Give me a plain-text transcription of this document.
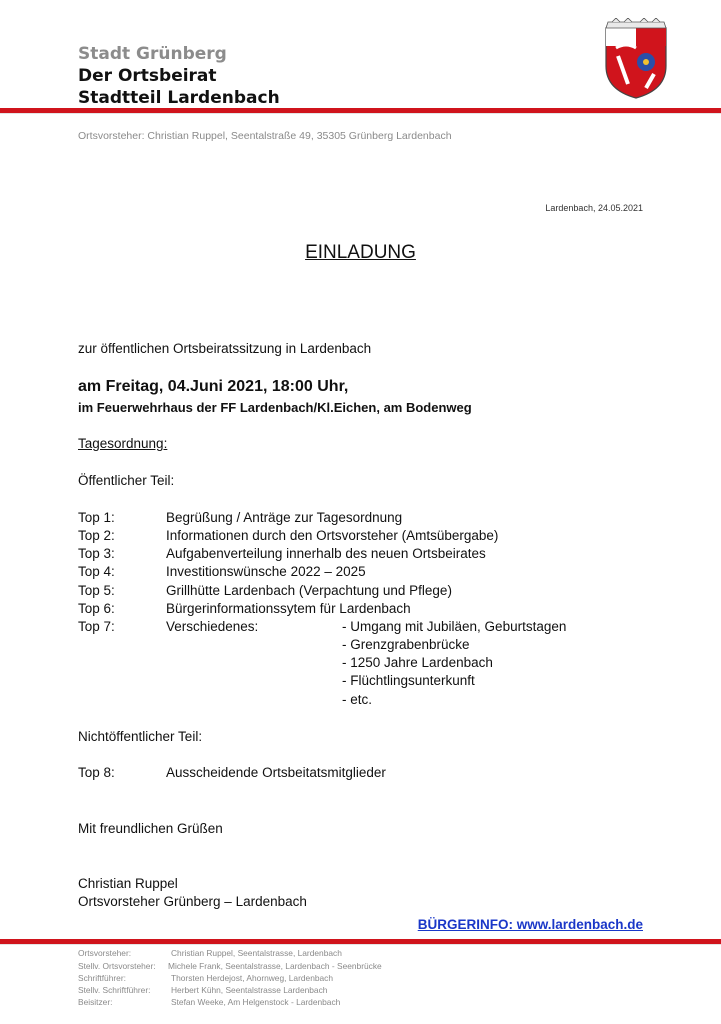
Stadt Grünberg
Der Ortsbeirat
Stadtteil Lardenbach
Ortsvorsteher: Christian Ruppel, Seentalstraße 49, 35305 Grünberg Lardenbach
Lardenbach, 24.05.2021
EINLADUNG
zur öffentlichen Ortsbeiratssitzung in Lardenbach
am Freitag, 04.Juni 2021, 18:00 Uhr,
im Feuerwehrhaus der FF Lardenbach/Kl.Eichen, am Bodenweg
Tagesordnung:
Öffentlicher Teil:
Top 1:	Begrüßung / Anträge zur Tagesordnung
Top 2:	Informationen durch den Ortsvorsteher (Amtsübergabe)
Top 3:	Aufgabenverteilung innerhalb des neuen Ortsbeirates
Top 4:	Investitionswünsche 2022 – 2025
Top 5:	Grillhütte Lardenbach (Verpachtung und Pflege)
Top 6:	Bürgerinformationssytem für Lardenbach
Top 7:	Verschiedenes:	- Umgang mit Jubiläen, Geburtstagen
- Grenzgrabenbrücke
- 1250 Jahre Lardenbach
- Flüchtlingsunterkunft
- etc.
Nichtöffentlicher Teil:
Top 8:	Ausscheidende Ortsbeitatsmitglieder
Mit freundlichen Grüßen
Christian Ruppel
Ortsvorsteher Grünberg – Lardenbach
BÜRGERINFO: www.lardenbach.de
Ortsvorsteher:	Christian Ruppel, Seentalstrasse, Lardenbach
Stellv. Ortsvorsteher: Michele Frank, Seentalstrasse, Lardenbach - Seenbrücke
Schriftführer:	Thorsten Herdejost, Ahornweg, Lardenbach
Stellv. Schriftführer: Herbert Kühn, Seentalstrasse Lardenbach
Beisitzer:	Stefan Weeke, Am Helgenstock - Lardenbach
